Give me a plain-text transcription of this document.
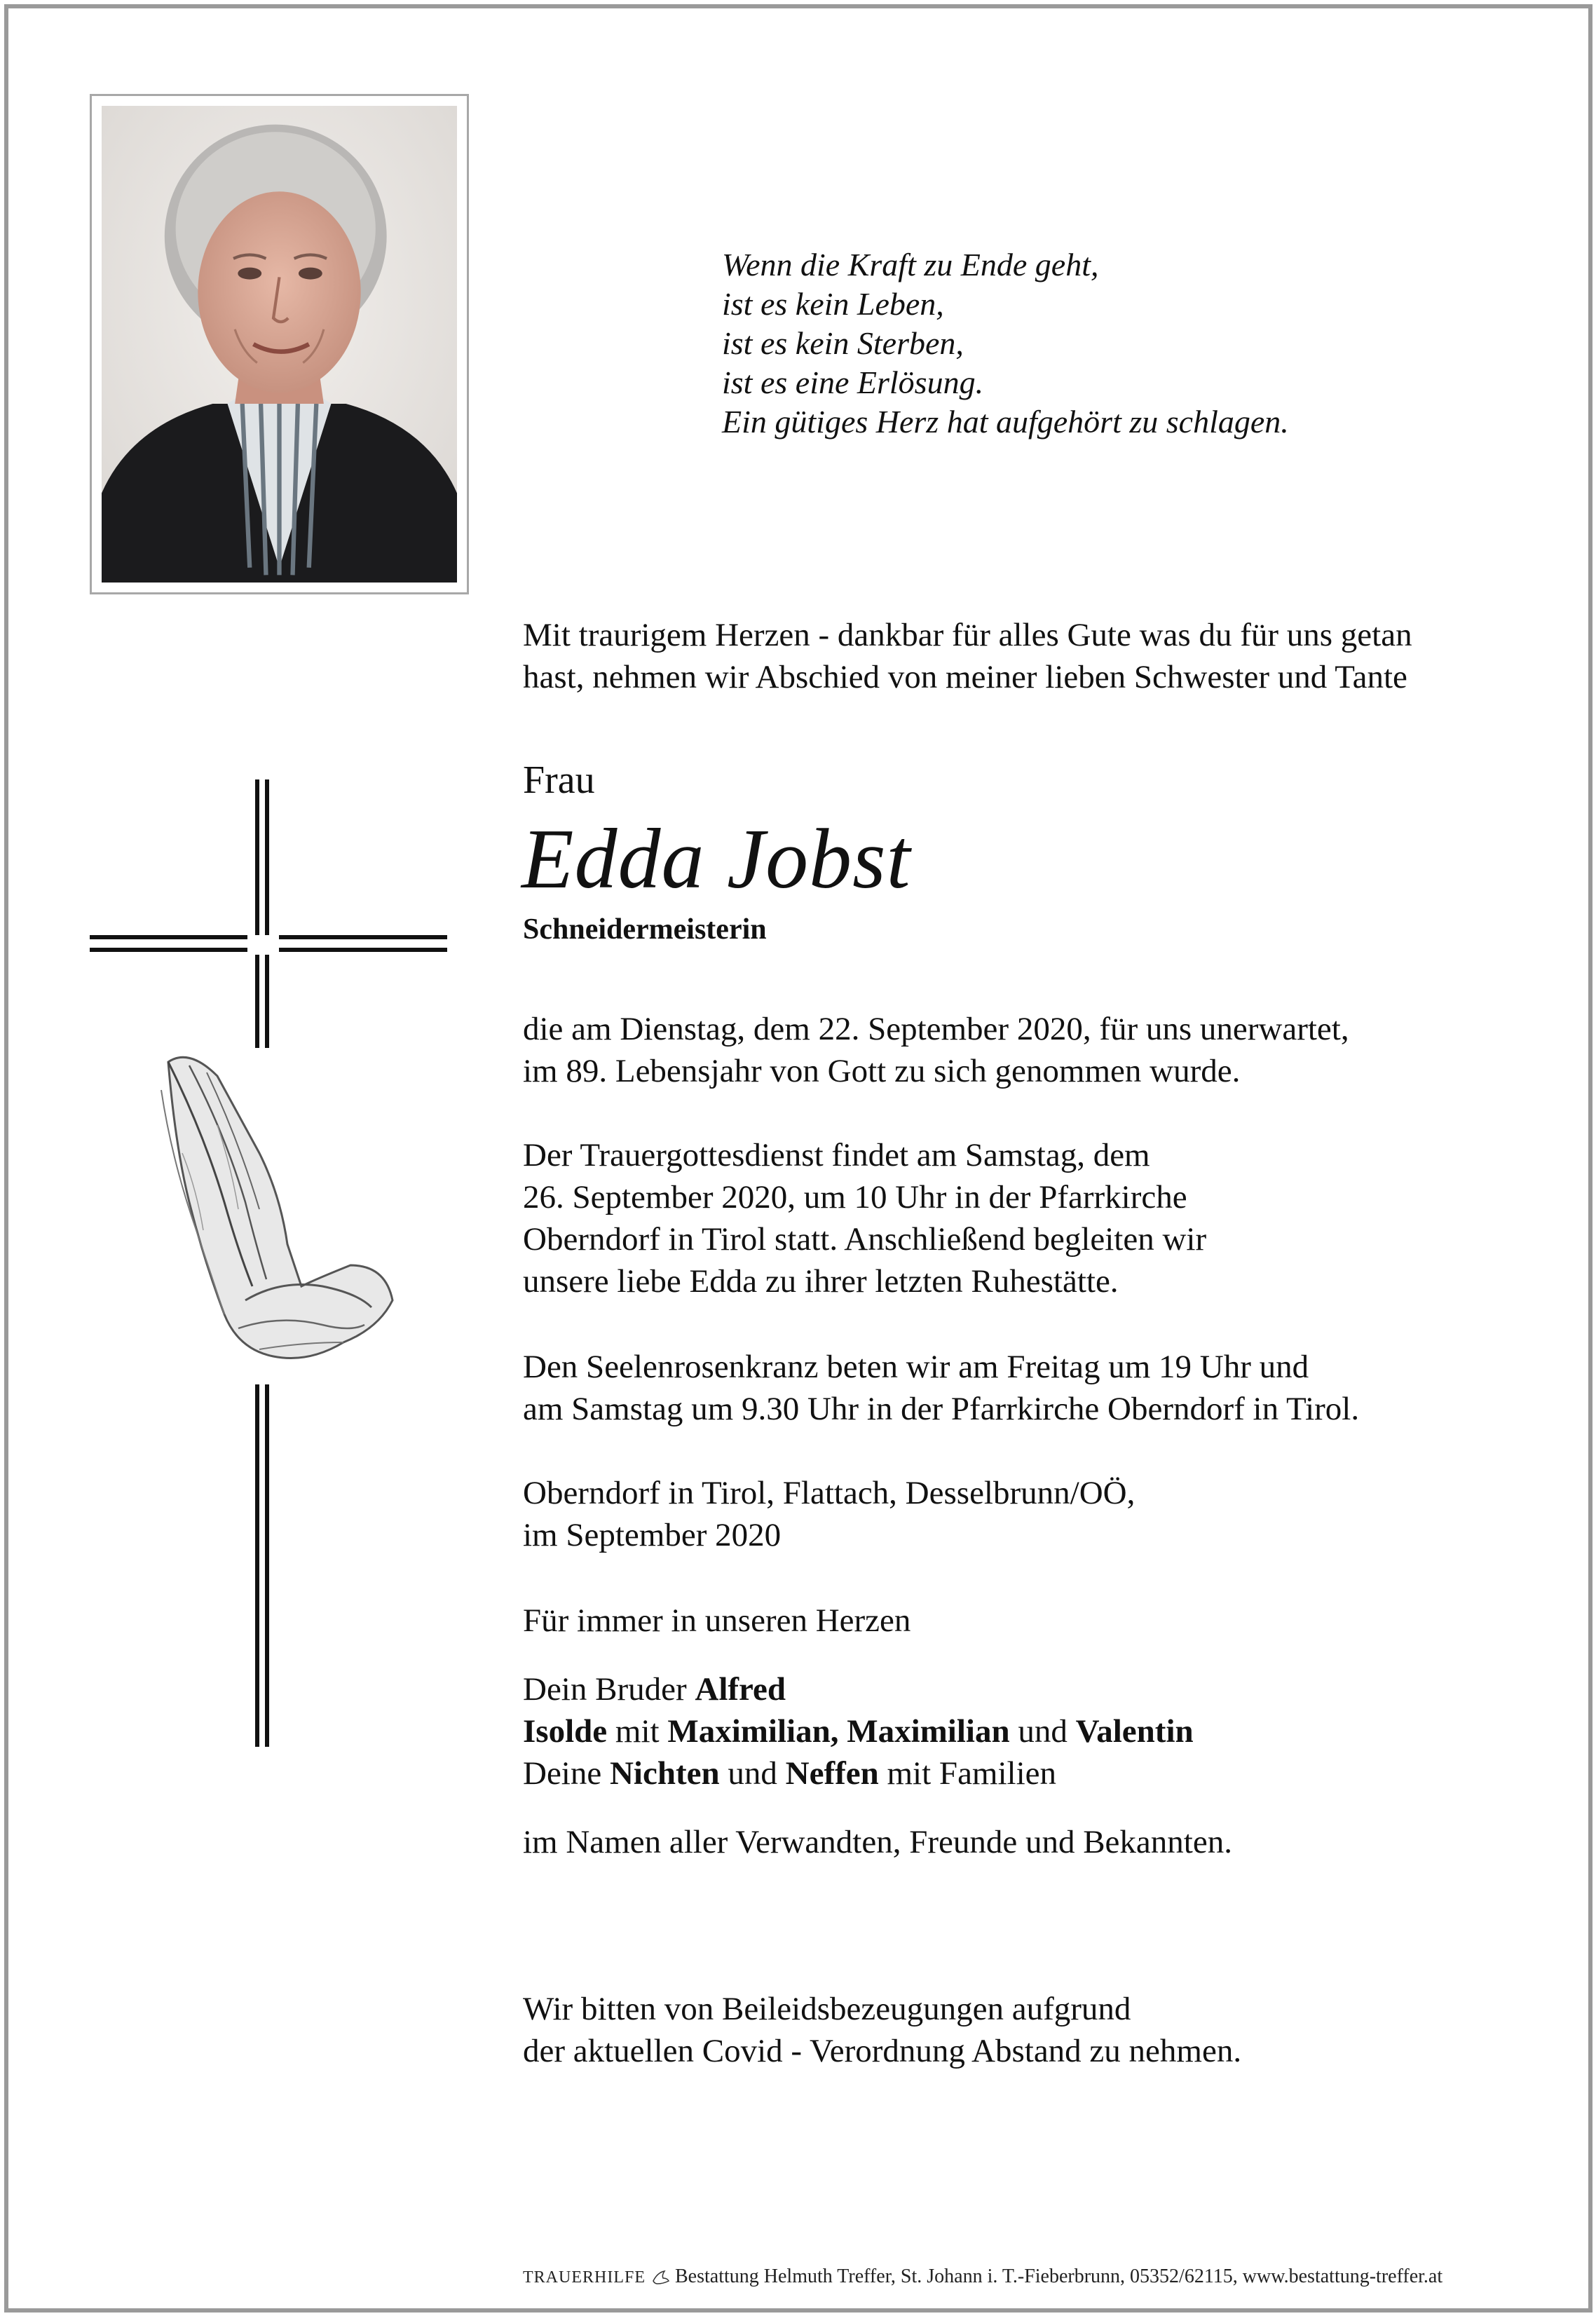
Wenn die Kraft zu Ende geht,
ist es kein Leben,
ist es kein Sterben,
ist es eine Erlösung.
Ein gütiges Herz hat aufgehört zu schlagen.
Mit traurigem Herzen - dankbar für alles Gute was du für uns getan
hast, nehmen wir Abschied von meiner lieben Schwester und Tante
Frau
Edda Jobst
Schneidermeisterin
die am Dienstag, dem 22. September 2020, für uns unerwartet,
im 89. Lebensjahr von Gott zu sich genommen wurde.
Der Trauergottesdienst findet am Samstag, dem
26. September 2020, um 10 Uhr in der Pfarrkirche
Oberndorf in Tirol statt. Anschließend begleiten wir
unsere liebe Edda zu ihrer letzten Ruhestätte.
Den Seelenrosenkranz beten wir am Freitag um 19 Uhr und
am Samstag um 9.30 Uhr in der Pfarrkirche Oberndorf in Tirol.
Oberndorf in Tirol, Flattach, Desselbrunn/OÖ,
im September 2020
Für immer in unseren Herzen
Dein Bruder Alfred
Isolde mit Maximilian, Maximilian und Valentin
Deine Nichten und Neffen mit Familien
im Namen aller Verwandten, Freunde und Bekannten.
Wir bitten von Beileidsbezeugungen aufgrund
der aktuellen Covid - Verordnung Abstand zu nehmen.
TRAUERHILFE Bestattung Helmuth Treffer, St. Johann i. T.-Fieberbrunn, 05352/62115, www.bestattung-treffer.at
